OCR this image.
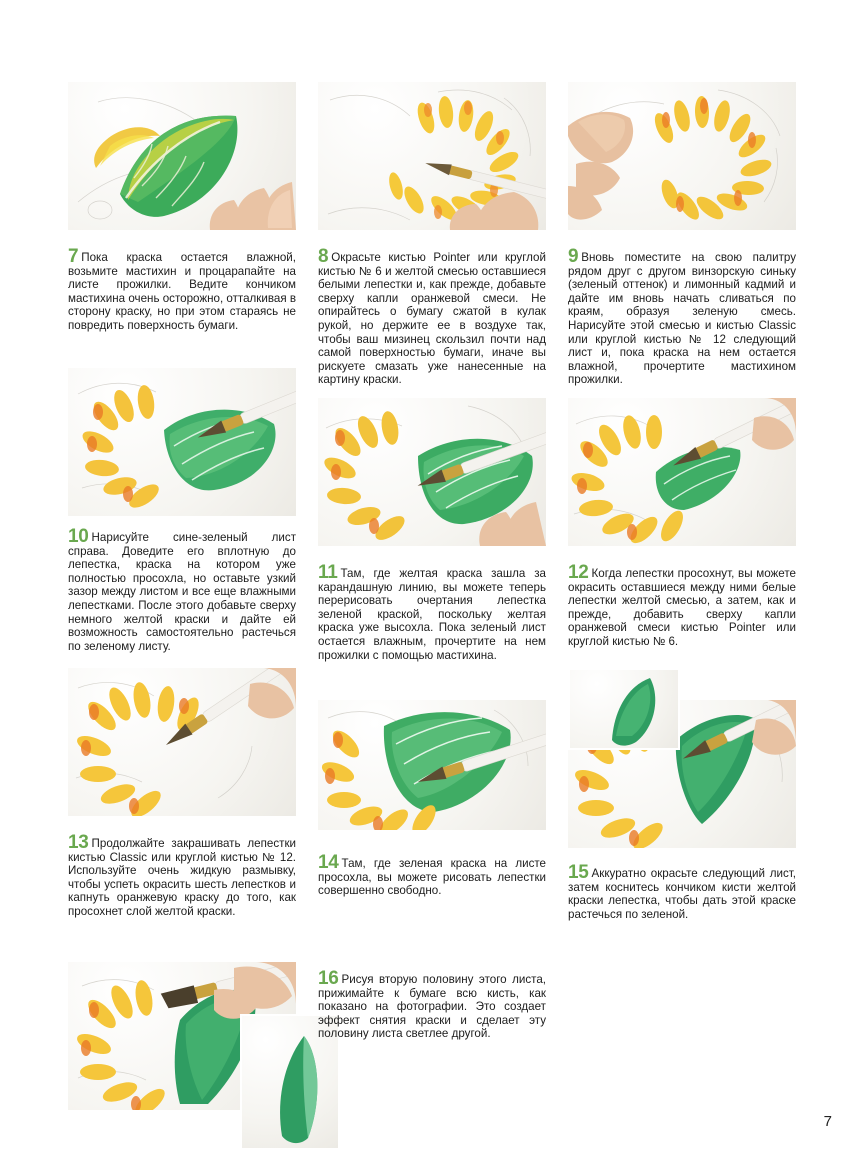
7 Пока краска остается влажной, возьмите мастихин и процарапайте на листе прожилки. Ведите кончиком мастихина очень осторожно, отталкивая в сторону краску, но при этом стараясь не повредить поверхность бумаги.
8 Окрасьте кистью Pointer или круглой кистью № 6 и желтой смесью оставшиеся белыми лепестки и, как прежде, добавьте сверху капли оранжевой смеси. Не опирайтесь о бумагу сжатой в кулак рукой, но держите ее в воздухе так, чтобы ваш мизинец скользил почти над самой поверхностью бумаги, иначе вы рискуете смазать уже нанесенные на картину краски.
9 Вновь поместите на свою палитру рядом друг с другом винзорскую синьку (зеленый оттенок) и лимонный кадмий и дайте им вновь начать сливаться по краям, образуя зеленую смесь. Нарисуйте этой смесью и кистью Classic или круглой кистью № 12 следующий лист и, пока краска на нем остается влажной, прочертите мастихином прожилки.
10 Нарисуйте сине-зеленый лист справа. Доведите его вплотную до лепестка, краска на котором уже полностью просохла, но оставьте узкий зазор между листом и все еще влажными лепестками. После этого добавьте сверху немного желтой краски и дайте ей возможность самостоятельно растечься по зеленому листу.
11 Там, где желтая краска зашла за карандашную линию, вы можете теперь перерисовать очертания лепестка зеленой краской, поскольку желтая краска уже высохла. Пока зеленый лист остается влажным, прочертите на нем прожилки с помощью мастихина.
12 Когда лепестки просохнут, вы можете окрасить оставшиеся между ними белые лепестки желтой смесью, а затем, как и прежде, добавить сверху капли оранжевой смеси кистью Pointer или круглой кистью № 6.
13 Продолжайте закрашивать лепестки кистью Classic или круглой кистью № 12. Используйте очень жидкую размывку, чтобы успеть окрасить шесть лепестков и капнуть оранжевую краску до того, как просохнет слой желтой краски.
14 Там, где зеленая краска на листе просохла, вы можете рисовать лепестки совершенно свободно.
15 Аккуратно окрасьте следующий лист, затем коснитесь кончиком кисти желтой краски лепестка, чтобы дать этой краске растечься по зеленой.
16 Рисуя вторую половину этого листа, прижимайте к бумаге всю кисть, как показано на фотографии. Это создает эффект снятия краски и сделает эту половину листа светлее другой.
7
